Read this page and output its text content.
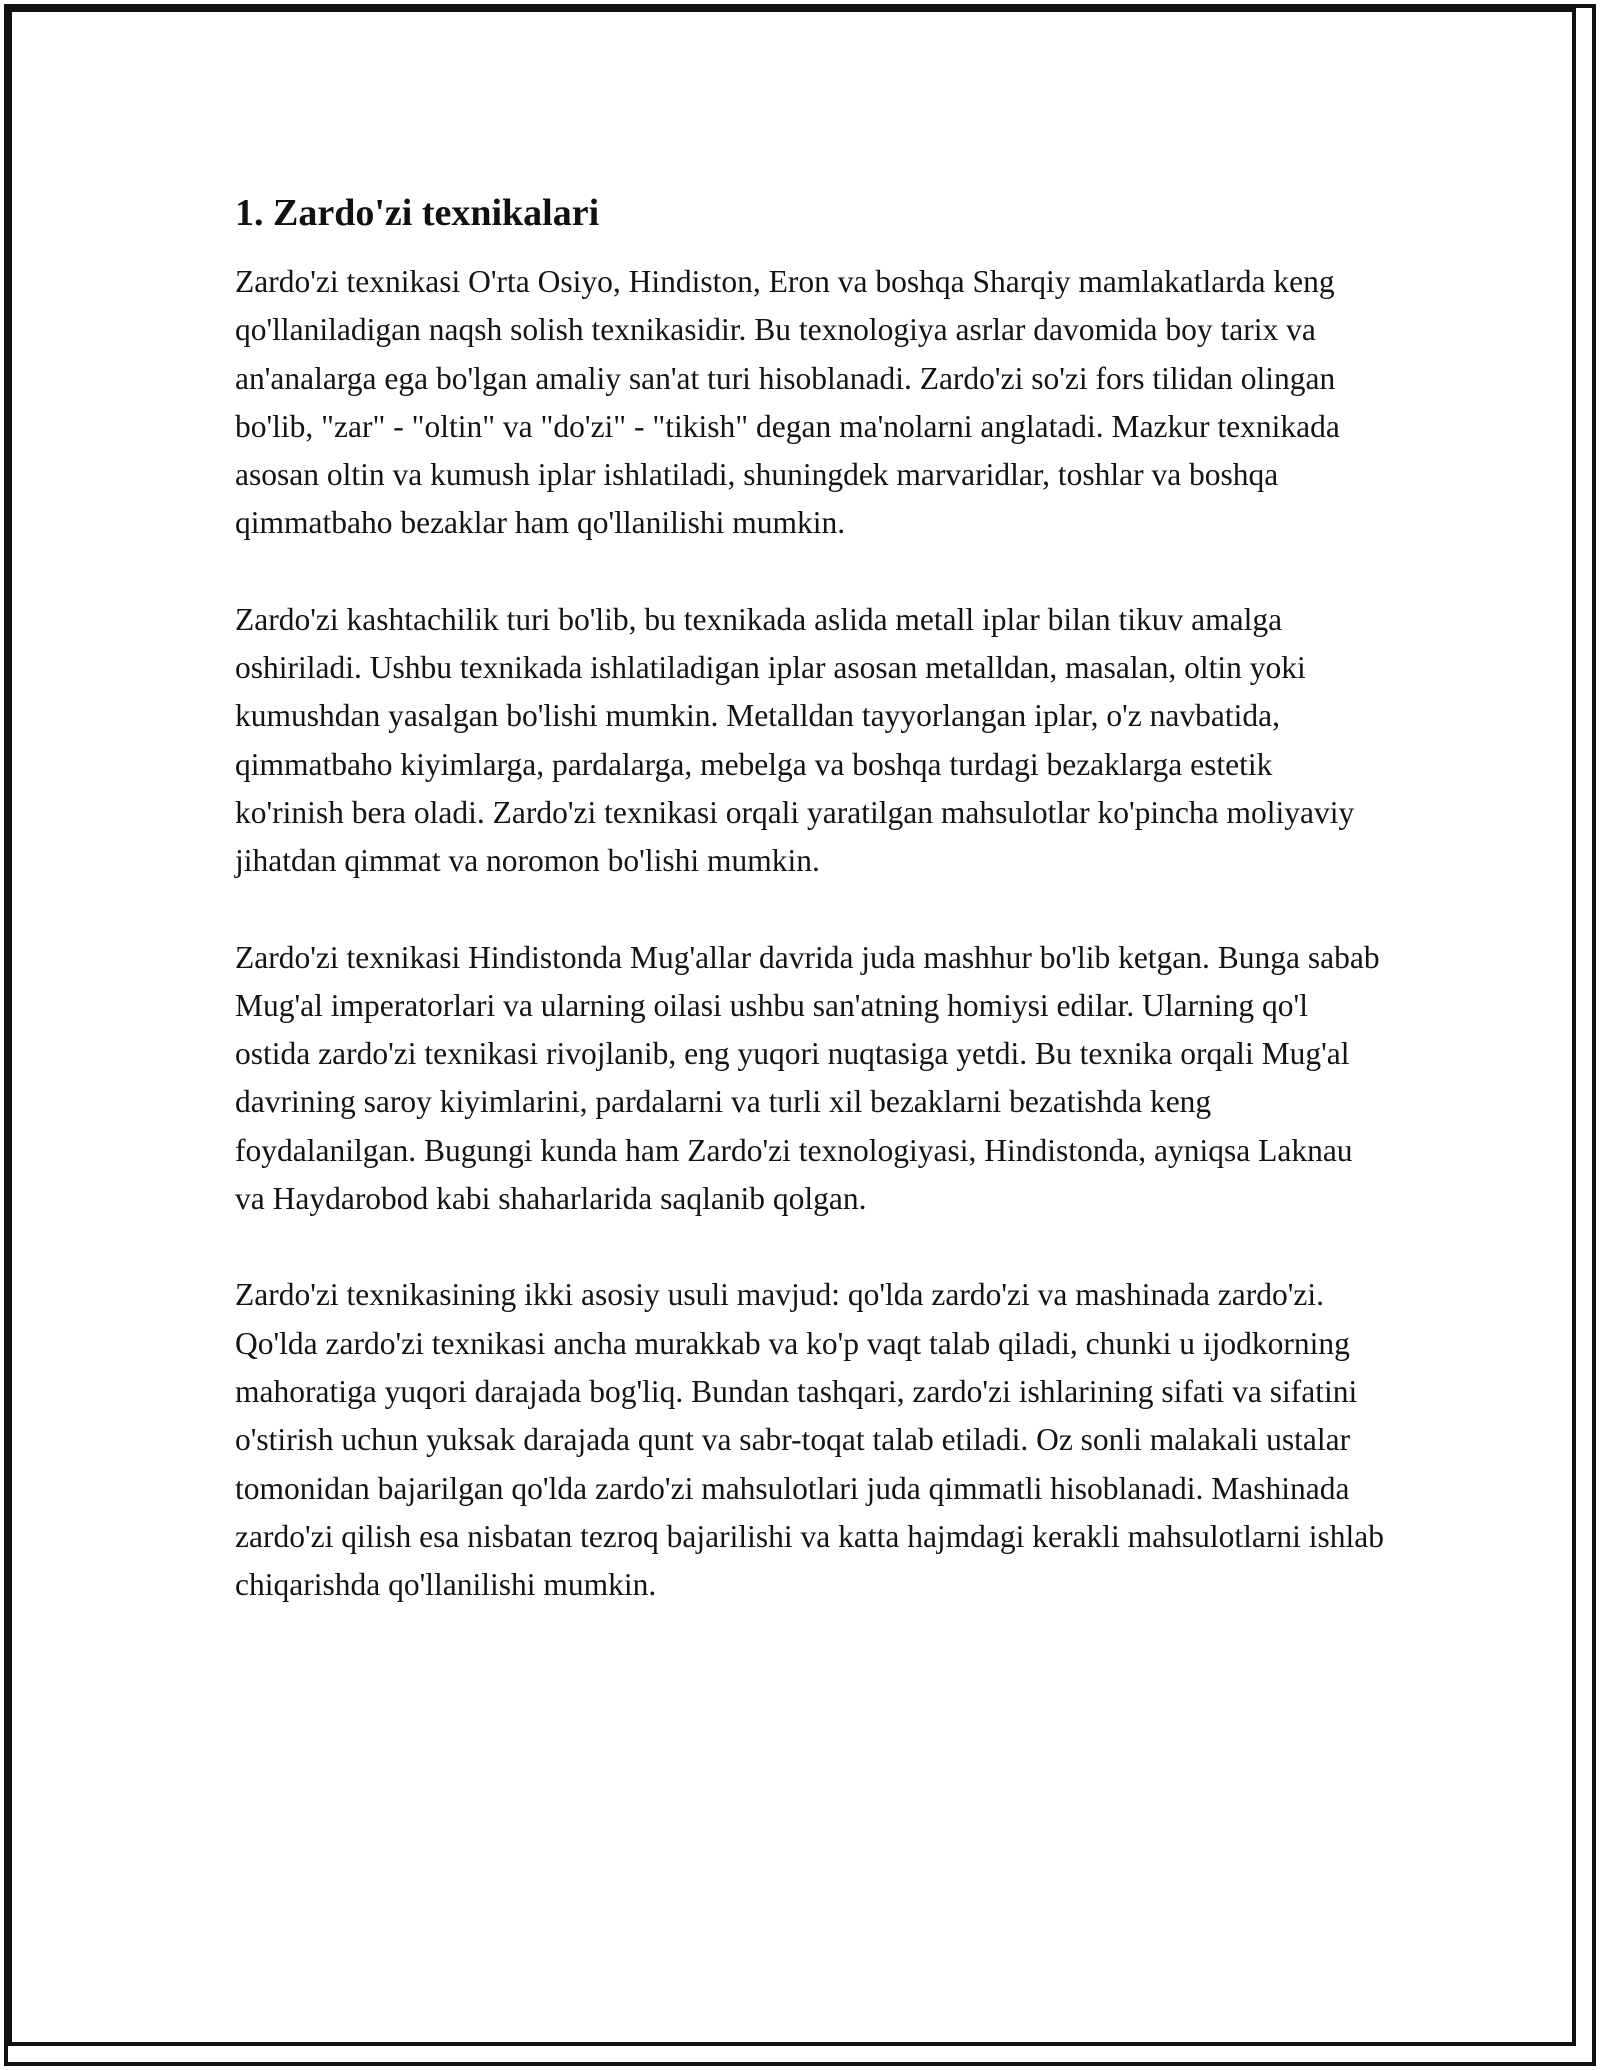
1. Zardo'zi texnikalari

Zardo'zi texnikasi O'rta Osiyo, Hindiston, Eron va boshqa Sharqiy mamlakatlarda keng qo'llaniladigan naqsh solish texnikasidir. Bu texnologiya asrlar davomida boy tarix va an'analarga ega bo'lgan amaliy san'at turi hisoblanadi. Zardo'zi so'zi fors tilidan olingan bo'lib, "zar" - "oltin" va "do'zi" - "tikish" degan ma'nolarni anglatadi. Mazkur texnikada asosan oltin va kumush iplar ishlatiladi, shuningdek marvaridlar, toshlar va boshqa qimmatbaho bezaklar ham qo'llanilishi mumkin.

Zardo'zi kashtachilik turi bo'lib, bu texnikada aslida metall iplar bilan tikuv amalga oshiriladi. Ushbu texnikada ishlatiladigan iplar asosan metalldan, masalan, oltin yoki kumushdan yasalgan bo'lishi mumkin. Metalldan tayyorlangan iplar, o'z navbatida, qimmatbaho kiyimlarga, pardalarga, mebelga va boshqa turdagi bezaklarga estetik ko'rinish bera oladi. Zardo'zi texnikasi orqali yaratilgan mahsulotlar ko'pincha moliyaviy jihatdan qimmat va noromon bo'lishi mumkin.

Zardo'zi texnikasi Hindistonda Mug'allar davrida juda mashhur bo'lib ketgan. Bunga sabab Mug'al imperatorlari va ularning oilasi ushbu san'atning homiysi edilar. Ularning qo'l ostida zardo'zi texnikasi rivojlanib, eng yuqori nuqtasiga yetdi. Bu texnika orqali Mug'al davrining saroy kiyimlarini, pardalarni va turli xil bezaklarni bezatishda keng foydalanilgan. Bugungi kunda ham Zardo'zi texnologiyasi, Hindistonda, ayniqsa Laknau va Haydarobod kabi shaharlarida saqlanib qolgan.

Zardo'zi texnikasining ikki asosiy usuli mavjud: qo'lda zardo'zi va mashinada zardo'zi. Qo'lda zardo'zi texnikasi ancha murakkab va ko'p vaqt talab qiladi, chunki u ijodkorning mahoratiga yuqori darajada bog'liq. Bundan tashqari, zardo'zi ishlarining sifati va sifatini o'stirish uchun yuksak darajada qunt va sabr-toqat talab etiladi. Oz sonli malakali ustalar tomonidan bajarilgan qo'lda zardo'zi mahsulotlari juda qimmatli hisoblanadi. Mashinada zardo'zi qilish esa nisbatan tezroq bajarilishi va katta hajmdagi kerakli mahsulotlarni ishlab chiqarishda qo'llanilishi mumkin.
